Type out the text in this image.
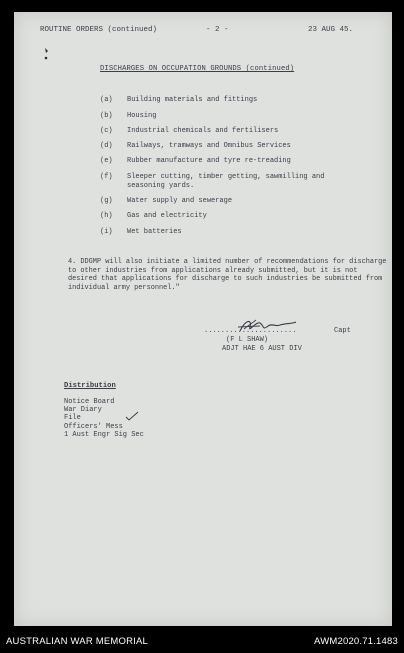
ROUTINE ORDERS (continued)	- 2 -	23 AUG 45.
DISCHARGES ON OCCUPATION GROUNDS (continued)
(a)	Building materials and fittings
(b)	Housing
(c)	Industrial chemicals and fertilisers
(d)	Railways, tramways and Omnibus Services
(e)	Rubber manufacture and tyre re-treading
(f)	Sleeper cutting, timber getting, sawmilling and seasoning yards.
(g)	Water supply and sewerage
(h)	Gas and electricity
(i)	Wet batteries
4. DDGMP will also initiate a limited number of recommendations for discharge to other industries from applications already submitted, but it is not desired that applications for discharge to such industries be submitted from individual army personnel."
......................	Capt
(F L SHAW)
ADJT HAE 6 AUST DIV
Distribution
Notice Board
War Diary
File
Officers' Mess
1 Aust Engr Sig Sec
AUSTRALIAN WAR MEMORIAL	AWM2020.71.1483
